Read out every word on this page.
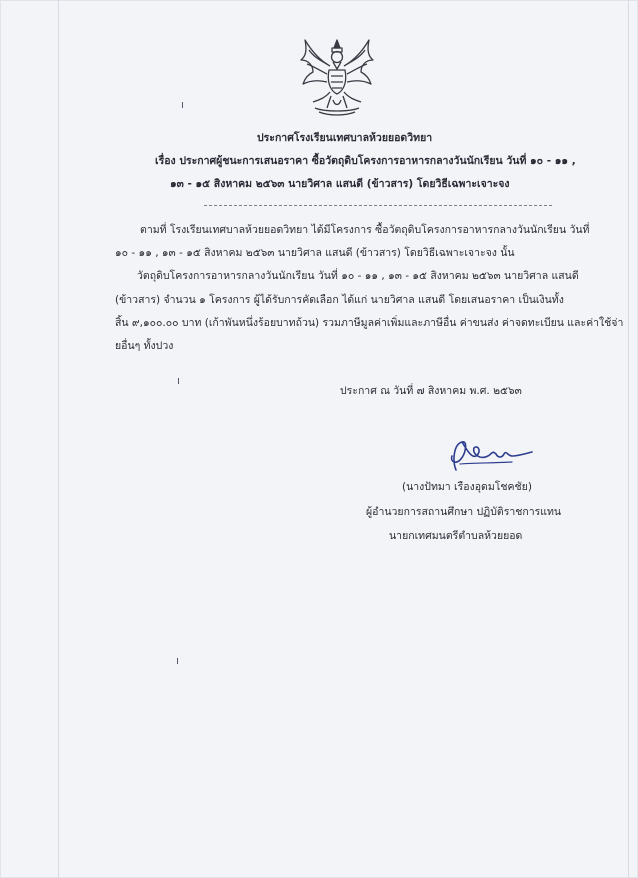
ประกาศโรงเรียนเทศบาลห้วยยอดวิทยา
เรื่อง ประกาศผู้ชนะการเสนอราคา ซื้อวัตถุดิบโครงการอาหารกลางวันนักเรียน วันที่ ๑๐ - ๑๑ ,
๑๓ - ๑๕ สิงหาคม ๒๕๖๓ นายวิศาล แสนดี (ข้าวสาร) โดยวิธีเฉพาะเจาะจง
ตามที่ โรงเรียนเทศบาลห้วยยอดวิทยา ได้มีโครงการ ซื้อวัตถุดิบโครงการอาหารกลางวันนักเรียน วันที่
๑๐ - ๑๑ , ๑๓ - ๑๕ สิงหาคม ๒๕๖๓ นายวิศาล แสนดี (ข้าวสาร) โดยวิธีเฉพาะเจาะจง นั้น
วัตถุดิบโครงการอาหารกลางวันนักเรียน วันที่ ๑๐ - ๑๑ , ๑๓ - ๑๕ สิงหาคม ๒๕๖๓ นายวิศาล แสนดี
(ข้าวสาร) จำนวน ๑ โครงการ ผู้ได้รับการคัดเลือก ได้แก่ นายวิศาล แสนดี โดยเสนอราคา เป็นเงินทั้ง
สิ้น ๙,๑๐๐.๐๐ บาท (เก้าพันหนึ่งร้อยบาทถ้วน) รวมภาษีมูลค่าเพิ่มและภาษีอื่น ค่าขนส่ง ค่าจดทะเบียน และค่าใช้จ่า
ยอื่นๆ ทั้งปวง
ประกาศ ณ วันที่ ๗ สิงหาคม พ.ศ. ๒๕๖๓
(นางปัทมา เรืองอุดมโชคชัย)
ผู้อำนวยการสถานศึกษา ปฏิบัติราชการแทน
นายกเทศมนตรีตำบลห้วยยอด
